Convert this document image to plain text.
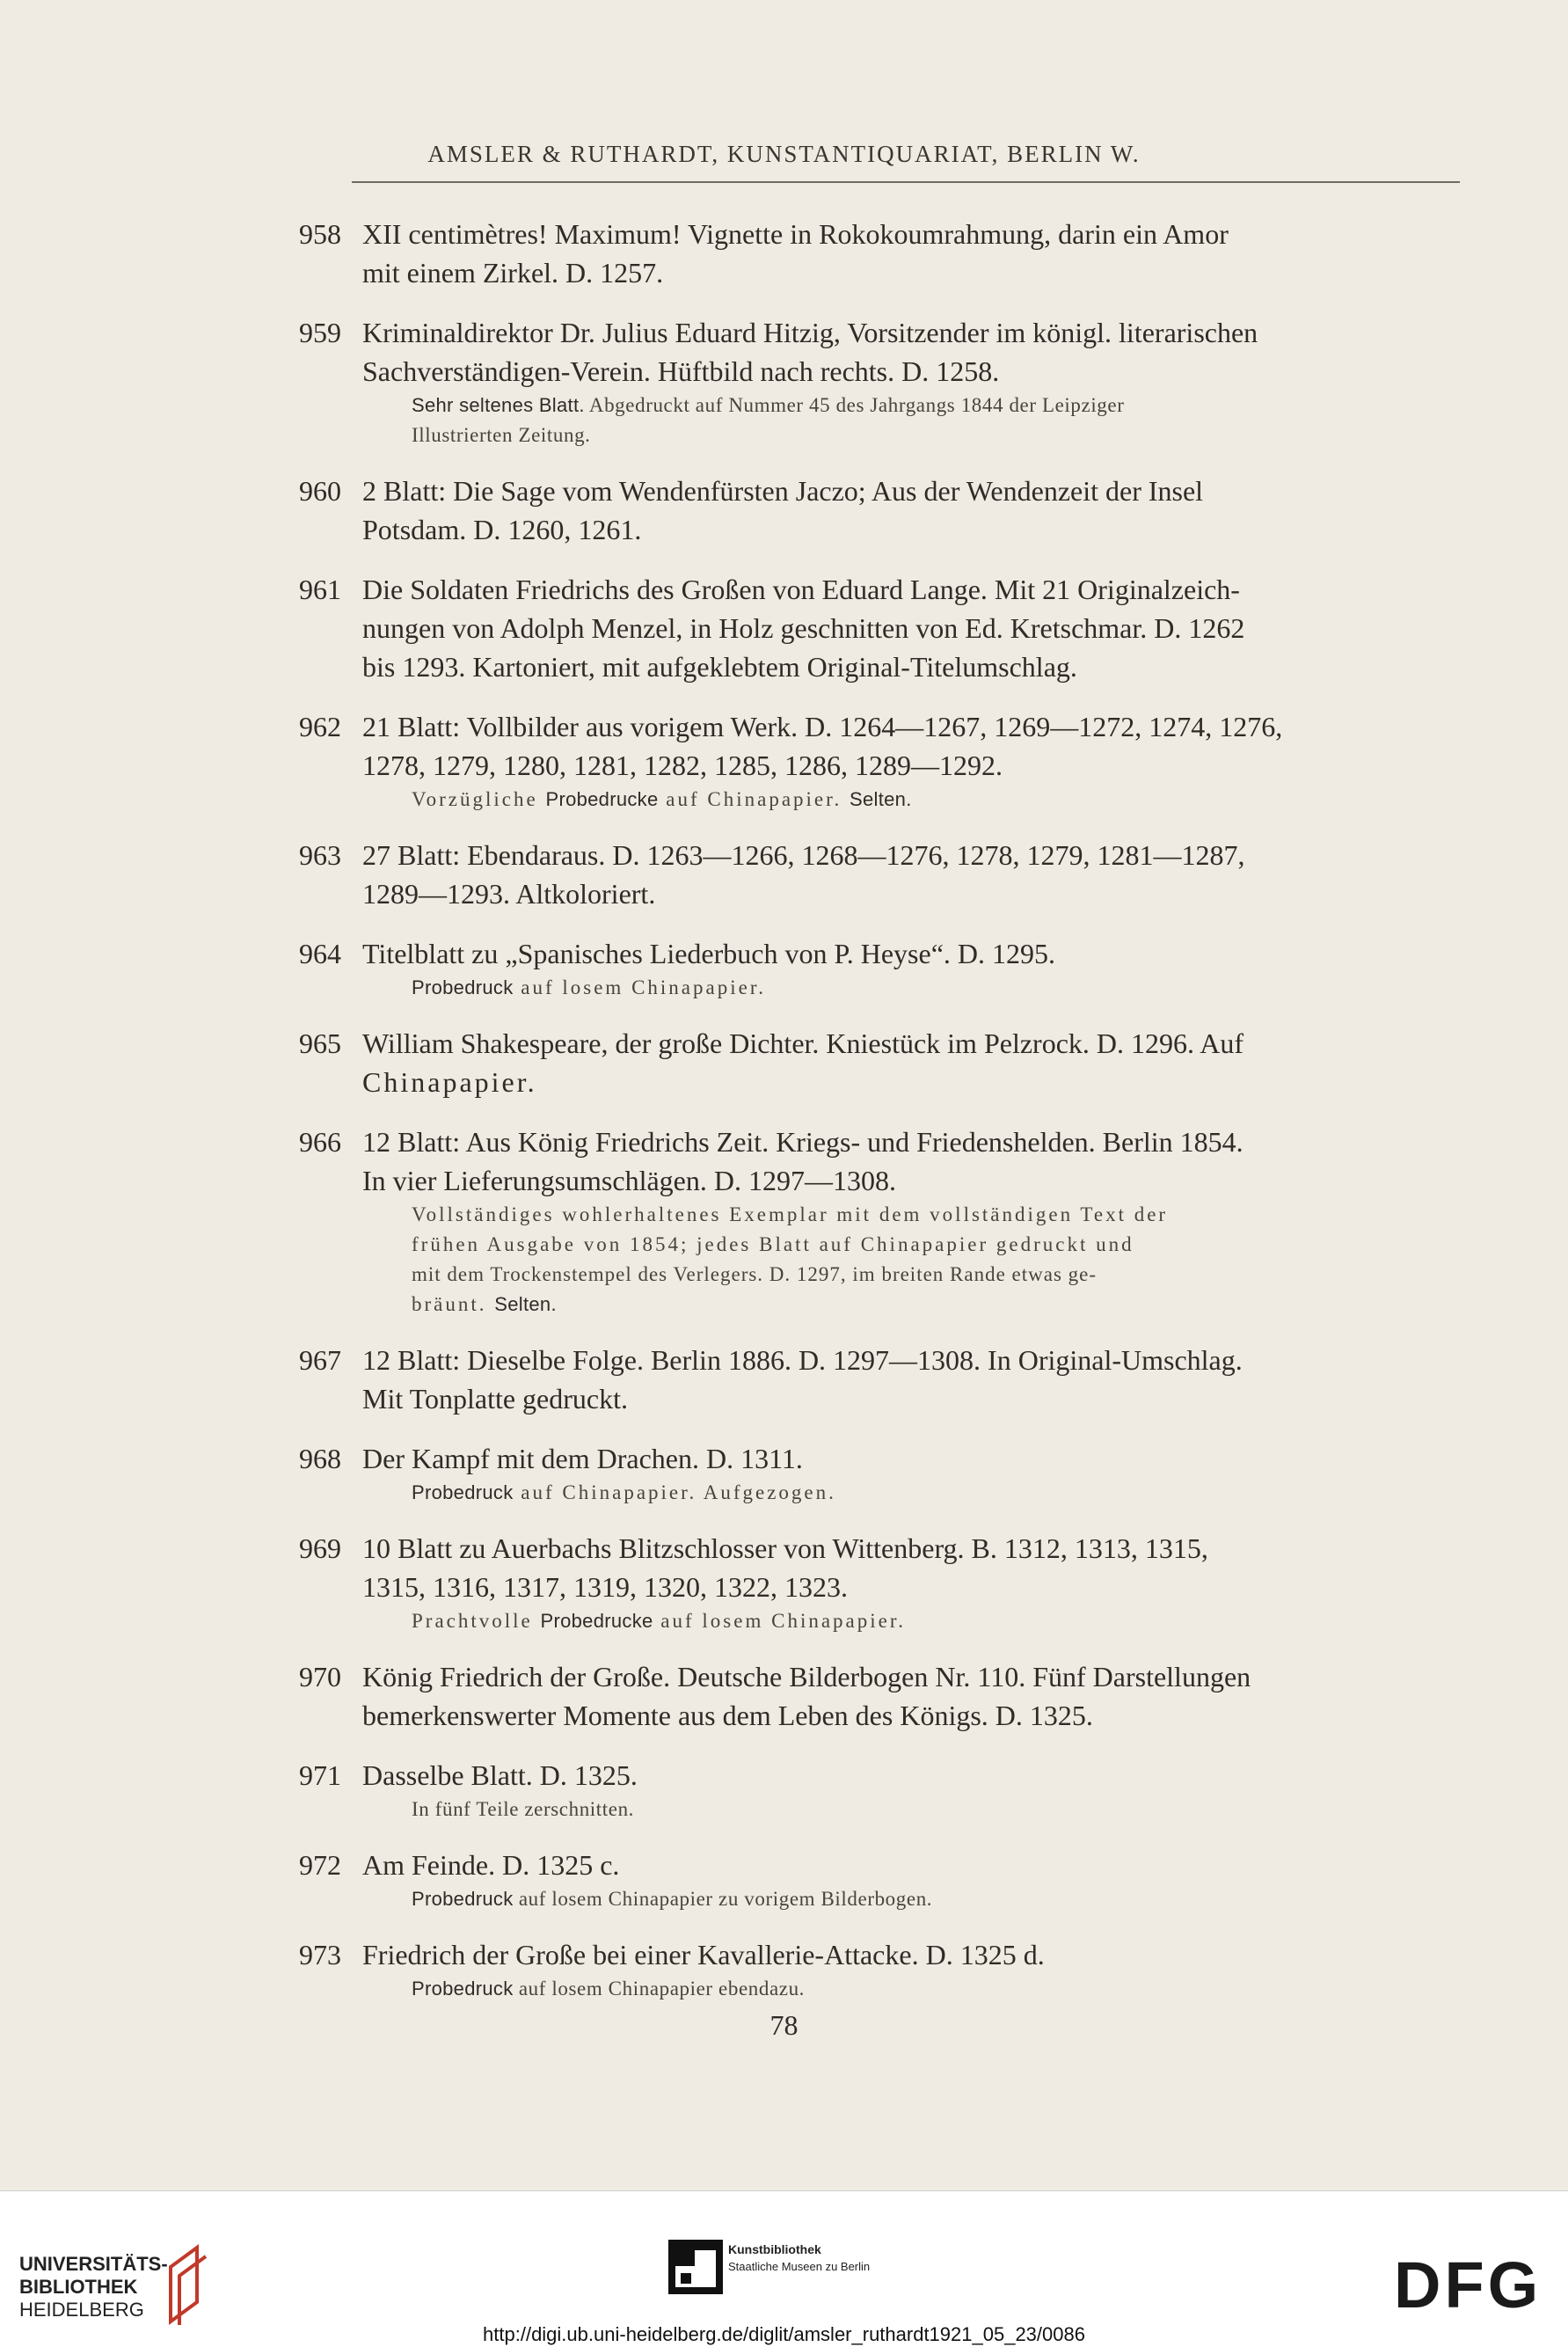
AMSLER & RUTHARDT, KUNSTANTIQUARIAT, BERLIN W.
958 XII centimètres! Maximum! Vignette in Rokokoumrahmung, darin ein Amor
mit einem Zirkel. D. 1257.
959 Kriminaldirektor Dr. Julius Eduard Hitzig, Vorsitzender im königl. literarischen
Sachverständigen-Verein. Hüftbild nach rechts. D. 1258.
Sehr seltenes Blatt. Abgedruckt auf Nummer 45 des Jahrgangs 1844 der Leipziger
Illustrierten Zeitung.
960 2 Blatt: Die Sage vom Wendenfürsten Jaczo; Aus der Wendenzeit der Insel
Potsdam. D. 1260, 1261.
961 Die Soldaten Friedrichs des Großen von Eduard Lange. Mit 21 Originalzeich-
nungen von Adolph Menzel, in Holz geschnitten von Ed. Kretschmar. D. 1262
bis 1293. Kartoniert, mit aufgeklebtem Original-Titelumschlag.
962 21 Blatt: Vollbilder aus vorigem Werk. D. 1264—1267, 1269—1272, 1274, 1276,
1278, 1279, 1280, 1281, 1282, 1285, 1286, 1289—1292.
Vorzügliche Probedrucke auf Chinapapier. Selten.
963 27 Blatt: Ebendaraus. D. 1263—1266, 1268—1276, 1278, 1279, 1281—1287,
1289—1293. Altkoloriert.
964 Titelblatt zu „Spanisches Liederbuch von P. Heyse“. D. 1295.
Probedruck auf losem Chinapapier.
965 William Shakespeare, der große Dichter. Kniestück im Pelzrock. D. 1296. Auf
Chinapapier.
966 12 Blatt: Aus König Friedrichs Zeit. Kriegs- und Friedenshelden. Berlin 1854.
In vier Lieferungsumschlägen. D. 1297—1308.
Vollständiges wohlerhaltenes Exemplar mit dem vollständigen Text der
frühen Ausgabe von 1854; jedes Blatt auf Chinapapier gedruckt und
mit dem Trockenstempel des Verlegers. D. 1297, im breiten Rande etwas ge-
bräunt. Selten.
967 12 Blatt: Dieselbe Folge. Berlin 1886. D. 1297—1308. In Original-Umschlag.
Mit Tonplatte gedruckt.
968 Der Kampf mit dem Drachen. D. 1311.
Probedruck auf Chinapapier. Aufgezogen.
969 10 Blatt zu Auerbachs Blitzschlosser von Wittenberg. B. 1312, 1313, 1315,
1315, 1316, 1317, 1319, 1320, 1322, 1323.
Prachtvolle Probedrucke auf losem Chinapapier.
970 König Friedrich der Große. Deutsche Bilderbogen Nr. 110. Fünf Darstellungen
bemerkenswerter Momente aus dem Leben des Königs. D. 1325.
971 Dasselbe Blatt. D. 1325.
In fünf Teile zerschnitten.
972 Am Feinde. D. 1325 c.
Probedruck auf losem Chinapapier zu vorigem Bilderbogen.
973 Friedrich der Große bei einer Kavallerie-Attacke. D. 1325 d.
Probedruck auf losem Chinapapier ebendazu.
78
UNIVERSITÄTS-
BIBLIOTHEK
HEIDELBERG
Kunstbibliothek
Staatliche Museen zu Berlin	DFG
http://digi.ub.uni-heidelberg.de/diglit/amsler_ruthardt1921_05_23/0086
